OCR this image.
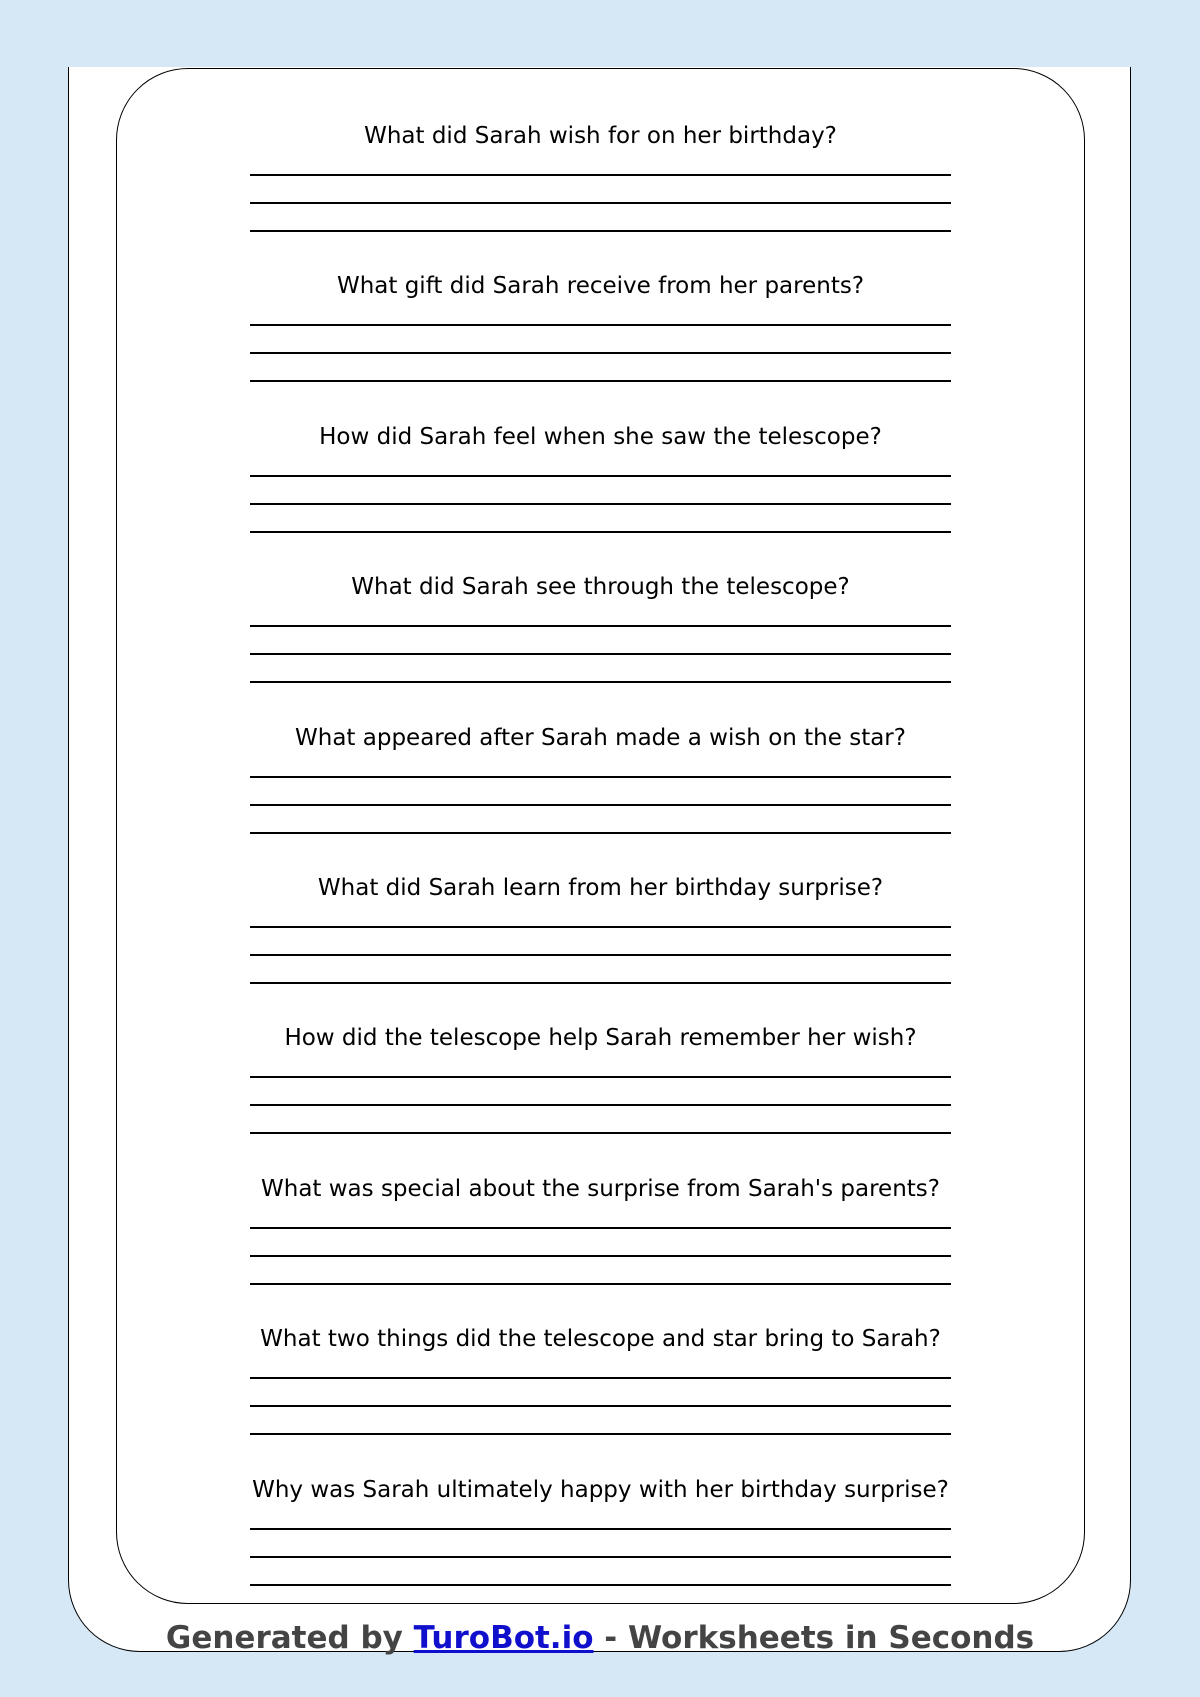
What did Sarah wish for on her birthday?
What gift did Sarah receive from her parents?
How did Sarah feel when she saw the telescope?
What did Sarah see through the telescope?
What appeared after Sarah made a wish on the star?
What did Sarah learn from her birthday surprise?
How did the telescope help Sarah remember her wish?
What was special about the surprise from Sarah's parents?
What two things did the telescope and star bring to Sarah?
Why was Sarah ultimately happy with her birthday surprise?
Generated by TuroBot.io - Worksheets in Seconds
